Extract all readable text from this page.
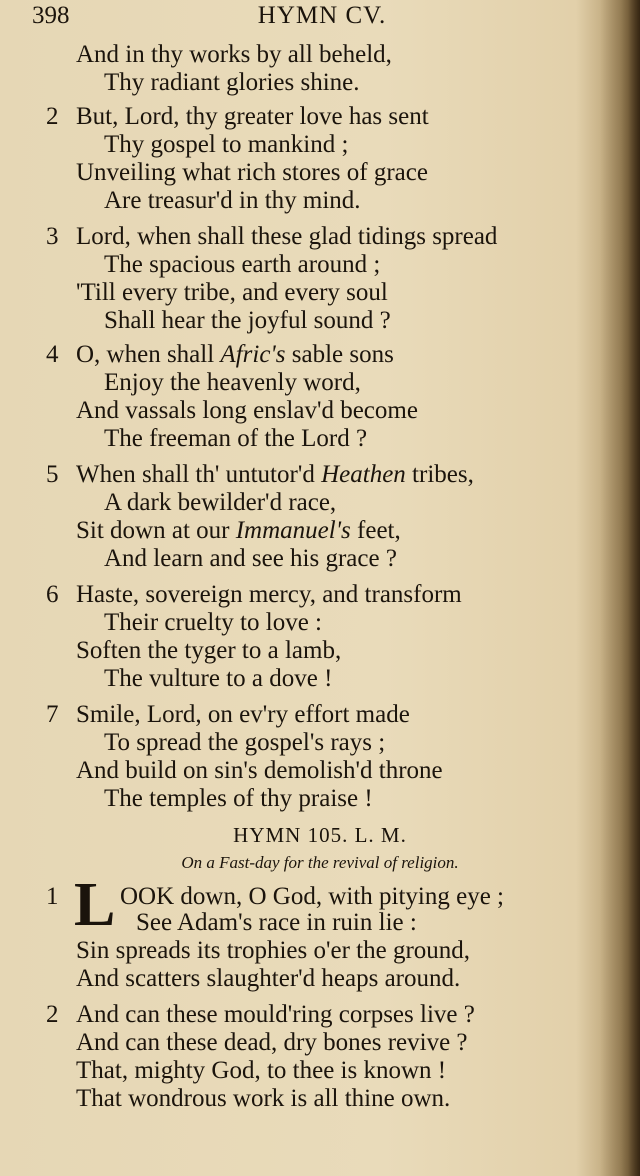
398	HYMN CV.
And in thy works by all beheld,
Thy radiant glories shine.
2 But, Lord, thy greater love has sent
Thy gospel to mankind ;
Unveiling what rich stores of grace
Are treasur'd in thy mind.
3 Lord, when shall these glad tidings spread
The spacious earth around ;
'Till every tribe, and every soul
Shall hear the joyful sound ?
4 O, when shall Afric's sable sons
Enjoy the heavenly word,
And vassals long enslav'd become
The freeman of the Lord ?
5 When shall th' untutor'd Heathen tribes,
A dark bewilder'd race,
Sit down at our Immanuel's feet,
And learn and see his grace ?
6 Haste, sovereign mercy, and transform
Their cruelty to love :
Soften the tyger to a lamb,
The vulture to a dove !
7 Smile, Lord, on ev'ry effort made
To spread the gospel's rays ;
And build on sin's demolish'd throne
The temples of thy praise !
HYMN 105. L. M.
On a Fast-day for the revival of religion.
1 L OOK down, O God, with pitying eye ;
See Adam's race in ruin lie :
Sin spreads its trophies o'er the ground,
And scatters slaughter'd heaps around.
2 And can these mould'ring corpses live ?
And can these dead, dry bones revive ?
That, mighty God, to thee is known !
That wondrous work is all thine own.
